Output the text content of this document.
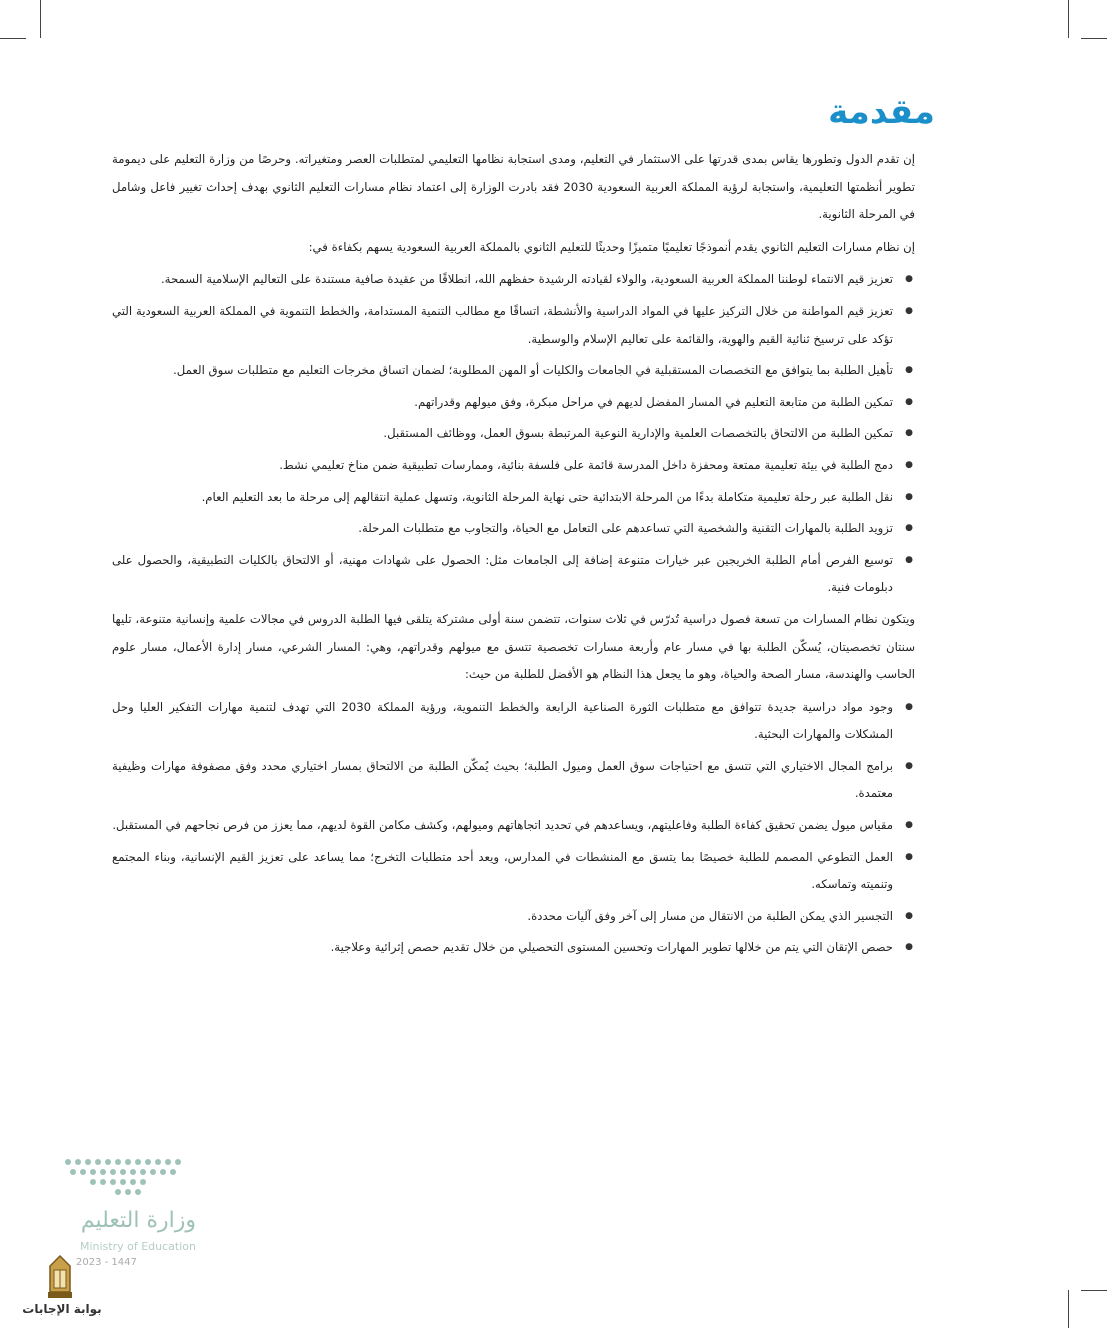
مقدمة

إن تقدم الدول وتطورها يقاس بمدى قدرتها على الاستثمار في التعليم، ومدى استجابة نظامها التعليمي لمتطلبات العصر ومتغيراته. وحرصًا من وزارة التعليم على ديمومة تطوير أنظمتها التعليمية، واستجابة لرؤية المملكة العربية السعودية 2030 فقد بادرت الوزارة إلى اعتماد نظام مسارات التعليم الثانوي بهدف إحداث تغيير فاعل وشامل في المرحلة الثانوية.

إن نظام مسارات التعليم الثانوي يقدم أنموذجًا تعليميًا متميزًا وحديثًا للتعليم الثانوي بالمملكة العربية السعودية يسهم بكفاءة في:

● تعزيز قيم الانتماء لوطننا المملكة العربية السعودية، والولاء لقيادته الرشيدة حفظهم الله، انطلاقًا من عقيدة صافية مستندة على التعاليم الإسلامية السمحة.
● تعزيز قيم المواطنة من خلال التركيز عليها في المواد الدراسية والأنشطة، اتساقًا مع مطالب التنمية المستدامة، والخطط التنموية في المملكة العربية السعودية التي تؤكد على ترسيخ ثنائية القيم والهوية، والقائمة على تعاليم الإسلام والوسطية.
● تأهيل الطلبة بما يتوافق مع التخصصات المستقبلية في الجامعات والكليات أو المهن المطلوبة؛ لضمان اتساق مخرجات التعليم مع متطلبات سوق العمل.
● تمكين الطلبة من متابعة التعليم في المسار المفضل لديهم في مراحل مبكرة، وفق ميولهم وقدراتهم.
● تمكين الطلبة من الالتحاق بالتخصصات العلمية والإدارية النوعية المرتبطة بسوق العمل، ووظائف المستقبل.
● دمج الطلبة في بيئة تعليمية ممتعة ومحفزة داخل المدرسة قائمة على فلسفة بنائية، وممارسات تطبيقية ضمن مناخ تعليمي نشط.
● نقل الطلبة عبر رحلة تعليمية متكاملة بدءًا من المرحلة الابتدائية حتى نهاية المرحلة الثانوية، وتسهل عملية انتقالهم إلى مرحلة ما بعد التعليم العام.
● تزويد الطلبة بالمهارات التقنية والشخصية التي تساعدهم على التعامل مع الحياة، والتجاوب مع متطلبات المرحلة.
● توسيع الفرص أمام الطلبة الخريجين عبر خيارات متنوعة إضافة إلى الجامعات مثل: الحصول على شهادات مهنية، أو الالتحاق بالكليات التطبيقية، والحصول على دبلومات فنية.

ويتكون نظام المسارات من تسعة فصول دراسية تُدرّس في ثلاث سنوات، تتضمن سنة أولى مشتركة يتلقى فيها الطلبة الدروس في مجالات علمية وإنسانية متنوعة، تليها سنتان تخصصيتان، يُسكّن الطلبة بها في مسار عام وأربعة مسارات تخصصية تتسق مع ميولهم وقدراتهم، وهي: المسار الشرعي، مسار إدارة الأعمال، مسار علوم الحاسب والهندسة، مسار الصحة والحياة، وهو ما يجعل هذا النظام هو الأفضل للطلبة من حيث:

● وجود مواد دراسية جديدة تتوافق مع متطلبات الثورة الصناعية الرابعة والخطط التنموية، ورؤية المملكة 2030 التي تهدف لتنمية مهارات التفكير العليا وحل المشكلات والمهارات البحثية.
● برامج المجال الاختياري التي تتسق مع احتياجات سوق العمل وميول الطلبة؛ بحيث يُمكّن الطلبة من الالتحاق بمسار اختياري محدد وفق مصفوفة مهارات وظيفية معتمدة.
● مقياس ميول يضمن تحقيق كفاءة الطلبة وفاعليتهم، ويساعدهم في تحديد اتجاهاتهم وميولهم، وكشف مكامن القوة لديهم، مما يعزز من فرص نجاحهم في المستقبل.
● العمل التطوعي المصمم للطلبة خصيصًا بما يتسق مع المنشطات في المدارس، ويعد أحد متطلبات التخرج؛ مما يساعد على تعزيز القيم الإنسانية، وبناء المجتمع وتنميته وتماسكه.
● التجسير الذي يمكن الطلبة من الانتقال من مسار إلى آخر وفق آليات محددة.
● حصص الإتقان التي يتم من خلالها تطوير المهارات وتحسين المستوى التحصيلي من خلال تقديم حصص إثرائية وعلاجية.
وزارة التعليم
Ministry of Education
2023 - 1447
بوابة الإجابات
